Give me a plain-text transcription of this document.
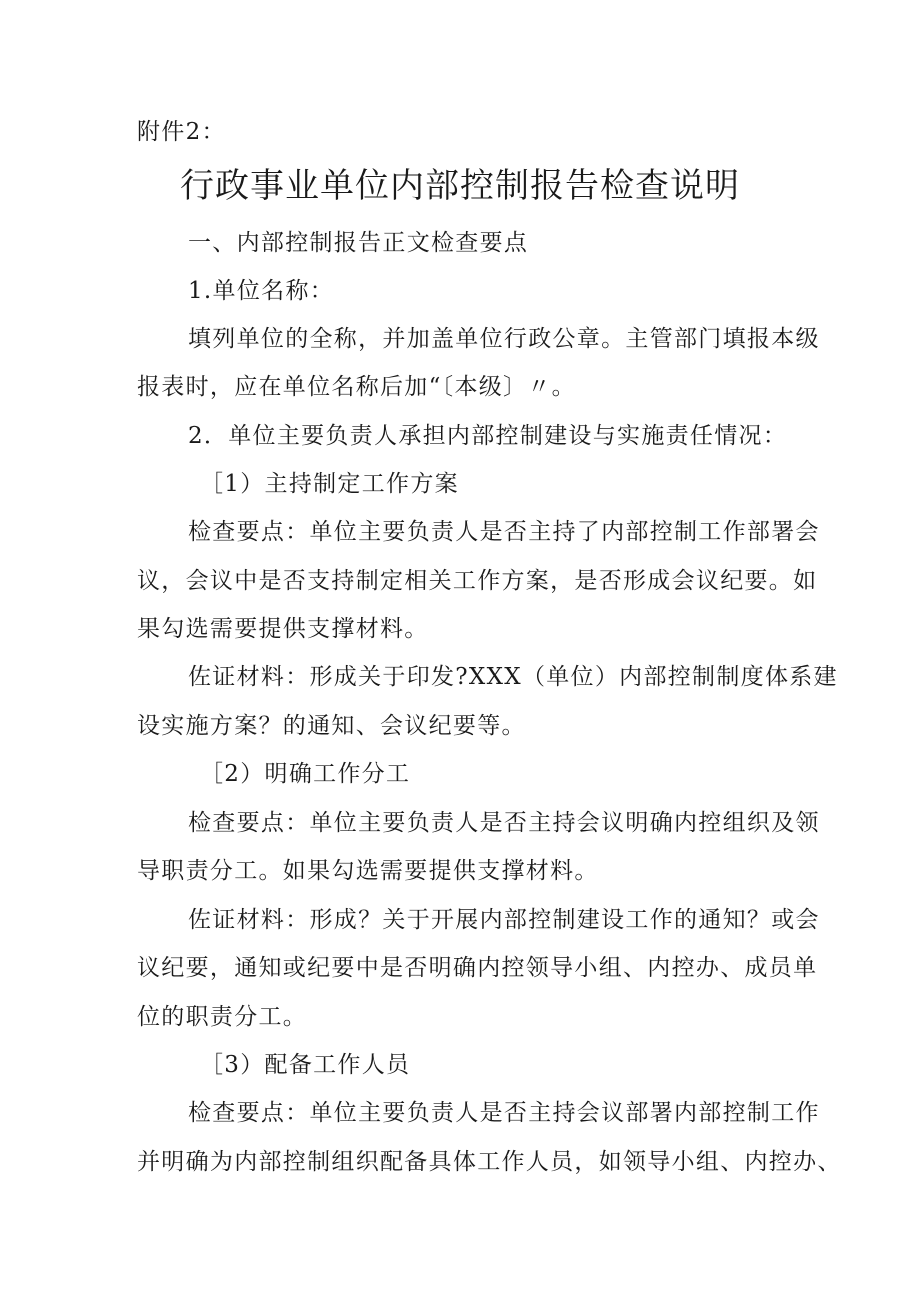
附件2：
行政事业单位内部控制报告检查说明
一、内部控制报告正文检查要点
1.单位名称：
填列单位的全称，并加盖单位行政公章。主管部门填报本级
报表时，应在单位名称后加“〔本级〕〃。
2．单位主要负责人承担内部控制建设与实施责任情况：
［1）主持制定工作方案
检查要点：单位主要负责人是否主持了内部控制工作部署会
议，会议中是否支持制定相关工作方案，是否形成会议纪要。如
果勾选需要提供支撑材料。
佐证材料：形成关于印发?XXX（单位）内部控制制度体系建
设实施方案？的通知、会议纪要等。
［2）明确工作分工
检查要点：单位主要负责人是否主持会议明确内控组织及领
导职责分工。如果勾选需要提供支撑材料。
佐证材料：形成？关于开展内部控制建设工作的通知？或会
议纪要，通知或纪要中是否明确内控领导小组、内控办、成员单
位的职责分工。
［3）配备工作人员
检查要点：单位主要负责人是否主持会议部署内部控制工作
并明确为内部控制组织配备具体工作人员，如领导小组、内控办、
